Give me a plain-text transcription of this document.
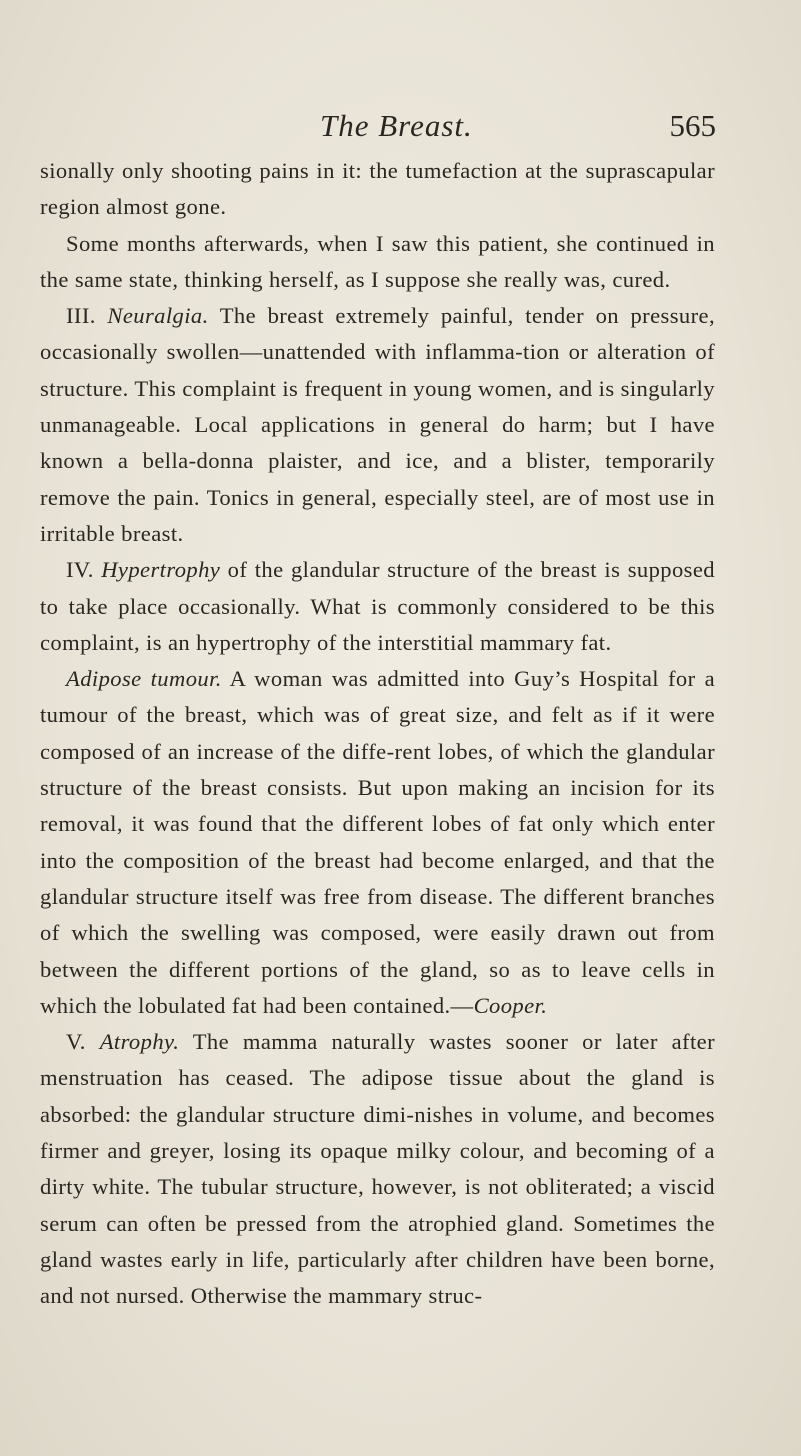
The Breast.	565

sionally only shooting pains in it: the tumefaction at the suprascapular region almost gone.

Some months afterwards, when I saw this patient, she continued in the same state, thinking herself, as I suppose she really was, cured.

III. Neuralgia. The breast extremely painful, tender on pressure, occasionally swollen—unattended with inflamma-tion or alteration of structure. This complaint is frequent in young women, and is singularly unmanageable. Local applications in general do harm; but I have known a bella-donna plaister, and ice, and a blister, temporarily remove the pain. Tonics in general, especially steel, are of most use in irritable breast.

IV. Hypertrophy of the glandular structure of the breast is supposed to take place occasionally. What is commonly considered to be this complaint, is an hypertrophy of the interstitial mammary fat.

Adipose tumour. A woman was admitted into Guy’s Hospital for a tumour of the breast, which was of great size, and felt as if it were composed of an increase of the diffe-rent lobes, of which the glandular structure of the breast consists. But upon making an incision for its removal, it was found that the different lobes of fat only which enter into the composition of the breast had become enlarged, and that the glandular structure itself was free from disease. The different branches of which the swelling was composed, were easily drawn out from between the different portions of the gland, so as to leave cells in which the lobulated fat had been contained.—Cooper.

V. Atrophy. The mamma naturally wastes sooner or later after menstruation has ceased. The adipose tissue about the gland is absorbed: the glandular structure dimi-nishes in volume, and becomes firmer and greyer, losing its opaque milky colour, and becoming of a dirty white. The tubular structure, however, is not obliterated; a viscid serum can often be pressed from the atrophied gland. Sometimes the gland wastes early in life, particularly after children have been borne, and not nursed. Otherwise the mammary struc-
